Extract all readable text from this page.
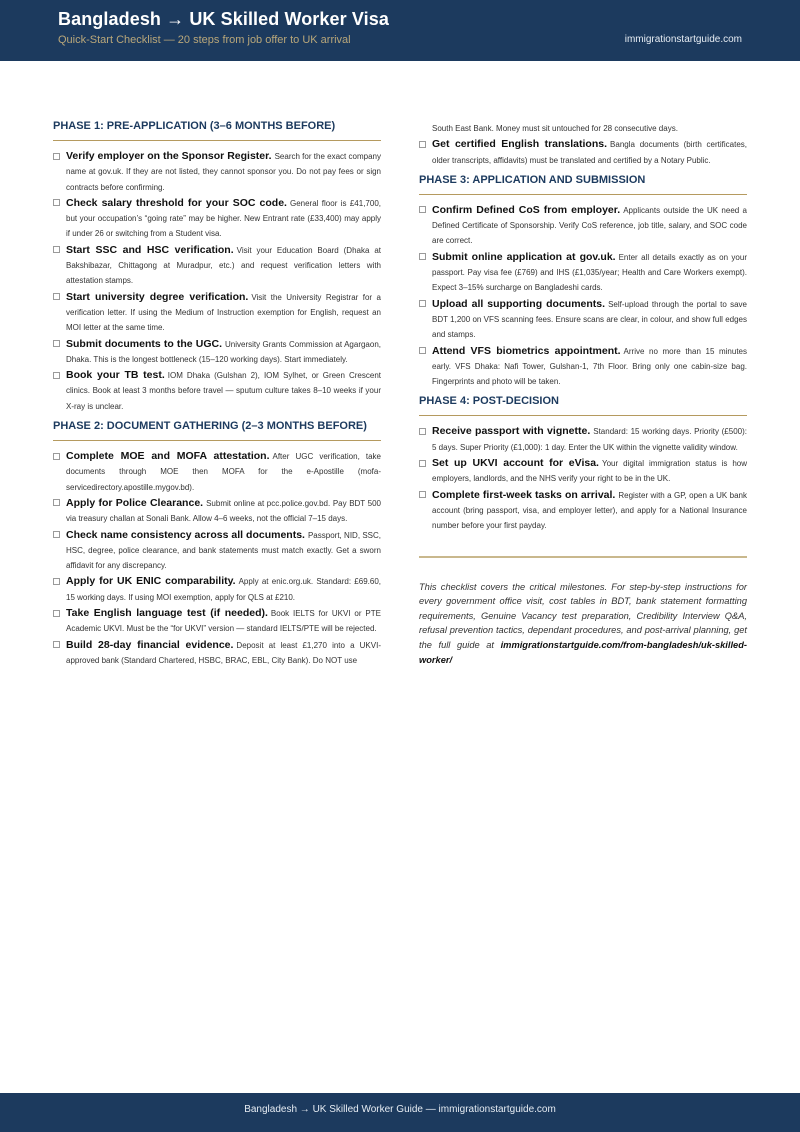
Bangladesh → UK Skilled Worker Visa
Quick-Start Checklist — 20 steps from job offer to UK arrival	immigrationstartguide.com
PHASE 1: PRE-APPLICATION (3–6 MONTHS BEFORE)
Verify employer on the Sponsor Register. Search for the exact company name at gov.uk. If they are not listed, they cannot sponsor you. Do not pay fees or sign contracts before confirming.
Check salary threshold for your SOC code. General floor is £41,700, but your occupation’s “going rate” may be higher. New Entrant rate (£33,400) may apply if under 26 or switching from a Student visa.
Start SSC and HSC verification. Visit your Education Board (Dhaka at Bakshibazar, Chittagong at Muradpur, etc.) and request verification letters with attestation stamps.
Start university degree verification. Visit the University Registrar for a verification letter. If using the Medium of Instruction exemption for English, request an MOI letter at the same time.
Submit documents to the UGC. University Grants Commission at Agargaon, Dhaka. This is the longest bottleneck (15–120 working days). Start immediately.
Book your TB test. IOM Dhaka (Gulshan 2), IOM Sylhet, or Green Crescent clinics. Book at least 3 months before travel — sputum culture takes 8–10 weeks if your X-ray is unclear.
PHASE 2: DOCUMENT GATHERING (2–3 MONTHS BEFORE)
Complete MOE and MOFA attestation. After UGC verification, take documents through MOE then MOFA for the e-Apostille (mofa-servicedirectory.apostille.mygov.bd).
Apply for Police Clearance. Submit online at pcc.police.gov.bd. Pay BDT 500 via treasury challan at Sonali Bank. Allow 4–6 weeks, not the official 7–15 days.
Check name consistency across all documents. Passport, NID, SSC, HSC, degree, police clearance, and bank statements must match exactly. Get a sworn affidavit for any discrepancy.
Apply for UK ENIC comparability. Apply at enic.org.uk. Standard: £69.60, 15 working days. If using MOI exemption, apply for QLS at £210.
Take English language test (if needed). Book IELTS for UKVI or PTE Academic UKVI. Must be the “for UKVI” version — standard IELTS/PTE will be rejected.
Build 28-day financial evidence. Deposit at least £1,270 into a UKVI-approved bank (Standard Chartered, HSBC, BRAC, EBL, City Bank). Do NOT use
South East Bank. Money must sit untouched for 28 consecutive days.
Get certified English translations. Bangla documents (birth certificates, older transcripts, affidavits) must be translated and certified by a Notary Public.
PHASE 3: APPLICATION AND SUBMISSION
Confirm Defined CoS from employer. Applicants outside the UK need a Defined Certificate of Sponsorship. Verify CoS reference, job title, salary, and SOC code are correct.
Submit online application at gov.uk. Enter all details exactly as on your passport. Pay visa fee (£769) and IHS (£1,035/year; Health and Care Workers exempt). Expect 3–15% surcharge on Bangladeshi cards.
Upload all supporting documents. Self-upload through the portal to save BDT 1,200 on VFS scanning fees. Ensure scans are clear, in colour, and show full edges and stamps.
Attend VFS biometrics appointment. Arrive no more than 15 minutes early. VFS Dhaka: Nafi Tower, Gulshan-1, 7th Floor. Bring only one cabin-size bag. Fingerprints and photo will be taken.
PHASE 4: POST-DECISION
Receive passport with vignette. Standard: 15 working days. Priority (£500): 5 days. Super Priority (£1,000): 1 day. Enter the UK within the vignette validity window.
Set up UKVI account for eVisa. Your digital immigration status is how employers, landlords, and the NHS verify your right to be in the UK.
Complete first-week tasks on arrival. Register with a GP, open a UK bank account (bring passport, visa, and employer letter), and apply for a National Insurance number before your first payday.
This checklist covers the critical milestones. For step-by-step instructions for every government office visit, cost tables in BDT, bank statement formatting requirements, Genuine Vacancy test preparation, Credibility Interview Q&A, refusal prevention tactics, dependant procedures, and post-arrival planning, get the full guide at immigrationstartguide.com/from-bangladesh/uk-skilled-worker/
Bangladesh → UK Skilled Worker Guide — immigrationstartguide.com
